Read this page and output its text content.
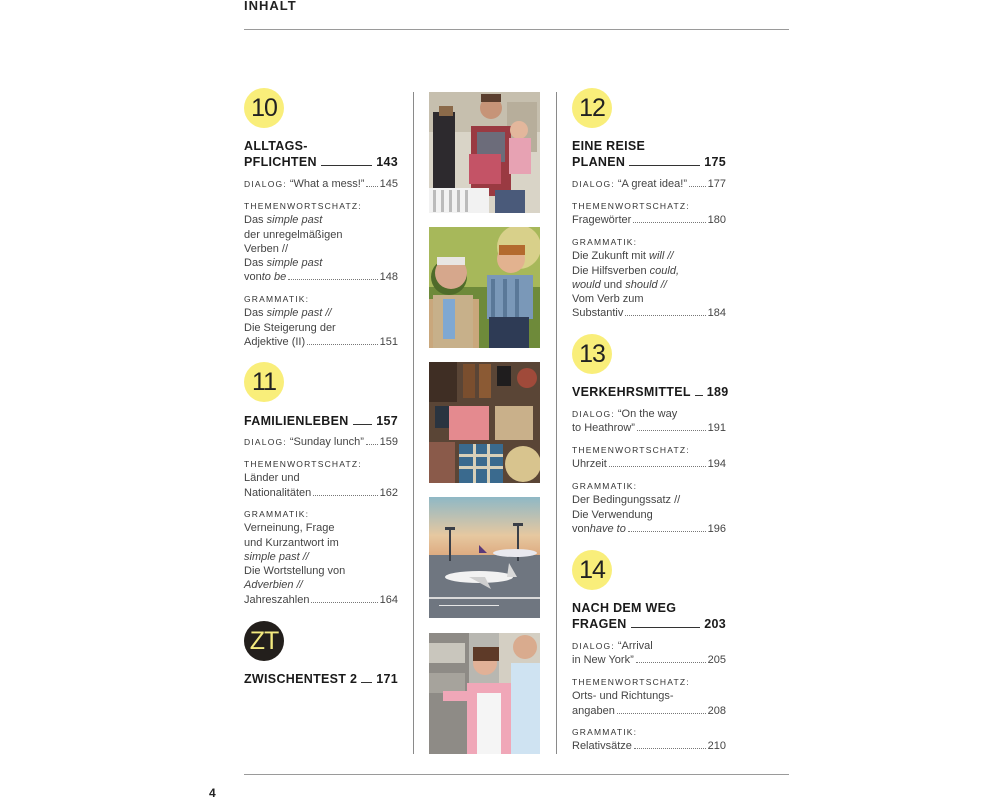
INHALT
10
ALLTAGS-
PFLICHTEN	143
DIALOG: “What a mess!” 145
THEMENWORTSCHATZ:
Das simple past
der unregelmäßigen
Verben //
Das simple past
von to be	148
GRAMMATIK:
Das simple past //
Die Steigerung der
Adjektive (II)	151
11
FAMILIENLEBEN 157
DIALOG: “Sunday lunch” 159
THEMENWORTSCHATZ:
Länder und
Nationalitäten	162
GRAMMATIK:
Verneinung, Frage
und Kurzantwort im
simple past //
Die Wortstellung von
Adverbien //
Jahreszahlen	164
ZT
ZWISCHENTEST 2 171
12
EINE REISE
PLANEN	175
DIALOG: “A great idea!” 177
THEMENWORTSCHATZ:
Fragewörter	180
GRAMMATIK:
Die Zukunft mit will //
Die Hilfsverben could,
would und should //
Vom Verb zum
Substantiv	184
13
VERKEHRSMITTEL 189
DIALOG: “On the way
to Heathrow”	191
THEMENWORTSCHATZ:
Uhrzeit	194
GRAMMATIK:
Der Bedingungssatz //
Die Verwendung
von have to	196
14
NACH DEM WEG
FRAGEN	203
DIALOG: “Arrival
in New York”	205
THEMENWORTSCHATZ:
Orts- und Richtungs-
angaben	208
GRAMMATIK:
Relativsätze	210
4
